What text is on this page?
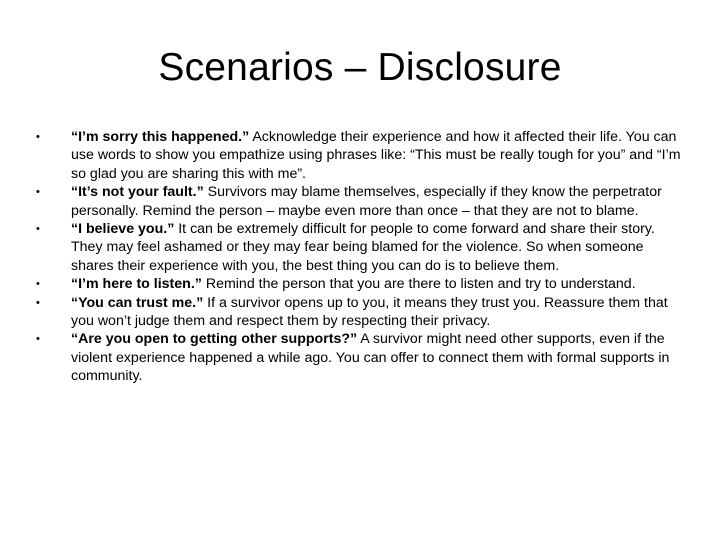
Scenarios – Disclosure
•	“I’m sorry this happened.” Acknowledge their experience and how it affected their life. You can use words to show you empathize using phrases like: “This must be really tough for you” and “I’m so glad you are sharing this with me”.
•	“It’s not your fault.” Survivors may blame themselves, especially if they know the perpetrator personally. Remind the person – maybe even more than once – that they are not to blame.
•	“I believe you.” It can be extremely difficult for people to come forward and share their story. They may feel ashamed or they may fear being blamed for the violence. So when someone shares their experience with you, the best thing you can do is to believe them.
•	“I’m here to listen.” Remind the person that you are there to listen and try to understand.
•	“You can trust me.” If a survivor opens up to you, it means they trust you. Reassure them that you won’t judge them and respect them by respecting their privacy.
•	“Are you open to getting other supports?” A survivor might need other supports, even if the violent experience happened a while ago. You can offer to connect them with formal supports in community.
